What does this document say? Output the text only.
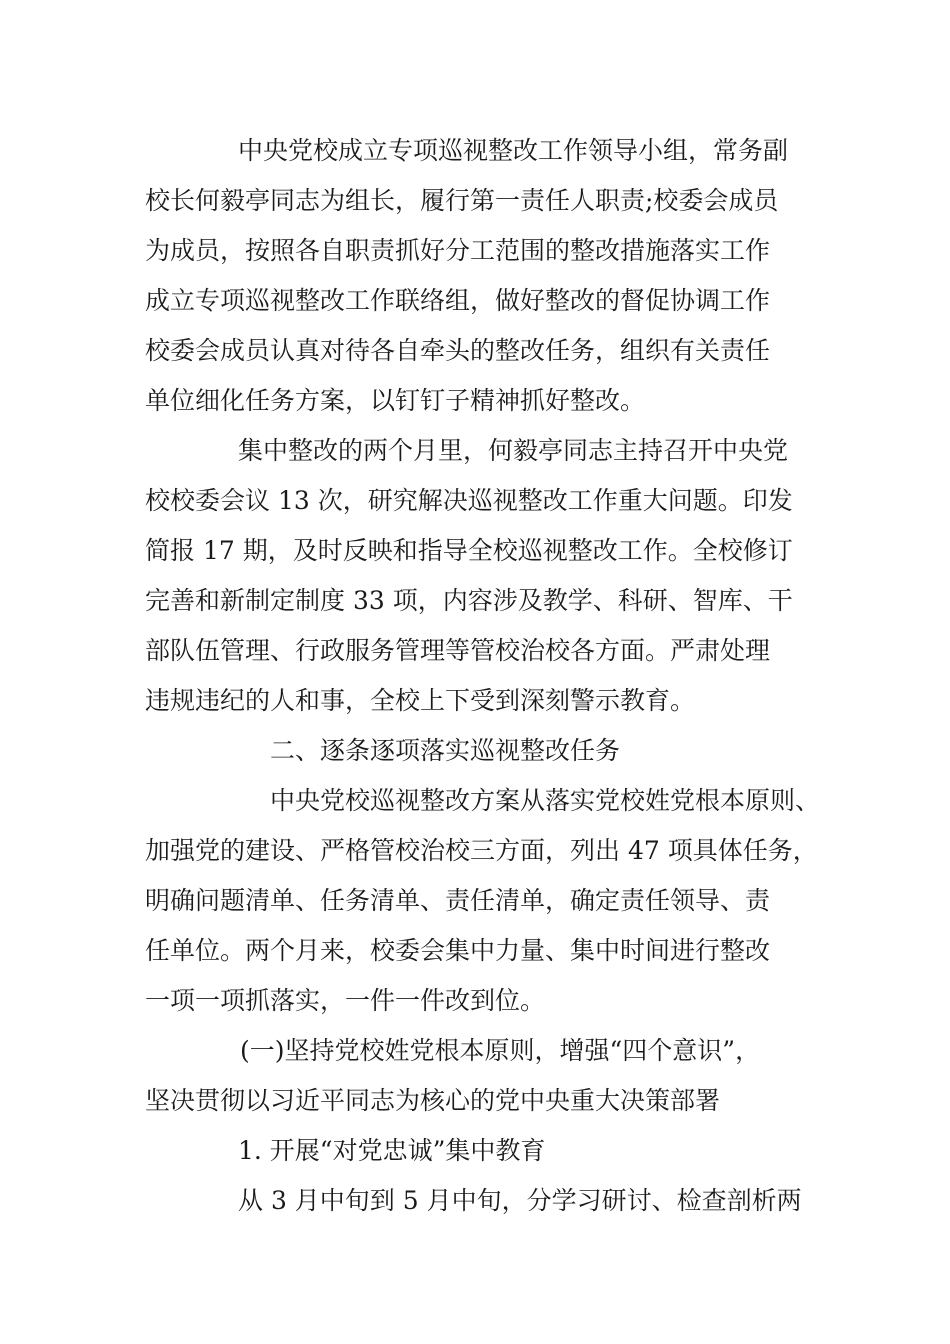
中央党校成立专项巡视整改工作领导小组，常务副
校长何毅亭同志为组长，履行第一责任人职责;校委会成员
为成员，按照各自职责抓好分工范围的整改措施落实工作
成立专项巡视整改工作联络组，做好整改的督促协调工作
校委会成员认真对待各自牵头的整改任务，组织有关责任
单位细化任务方案，以钉钉子精神抓好整改。
集中整改的两个月里，何毅亭同志主持召开中央党
校校委会议 13 次，研究解决巡视整改工作重大问题。印发
简报 17 期，及时反映和指导全校巡视整改工作。全校修订
完善和新制定制度 33 项，内容涉及教学、科研、智库、干
部队伍管理、行政服务管理等管校治校各方面。严肃处理
违规违纪的人和事，全校上下受到深刻警示教育。
二、逐条逐项落实巡视整改任务
中央党校巡视整改方案从落实党校姓党根本原则、
加强党的建设、严格管校治校三方面，列出 47 项具体任务，
明确问题清单、任务清单、责任清单，确定责任领导、责
任单位。两个月来，校委会集中力量、集中时间进行整改
一项一项抓落实，一件一件改到位。
(一)坚持党校姓党根本原则，增强“四个意识”，
坚决贯彻以习近平同志为核心的党中央重大决策部署
1. 开展“对党忠诚”集中教育
从 3 月中旬到 5 月中旬，分学习研讨、检查剖析两
